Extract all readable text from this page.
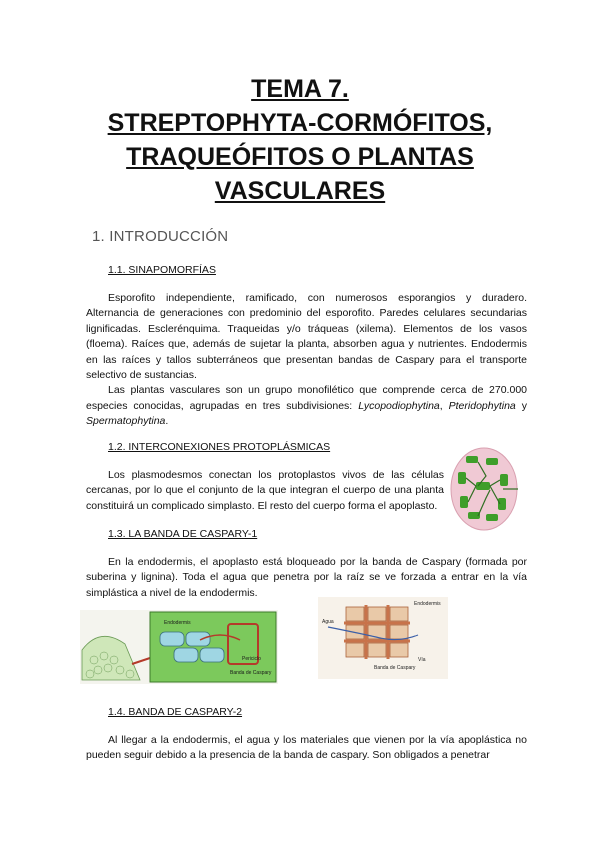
TEMA 7.
STREPTOPHYTA-CORMÓFITOS,
TRAQUEÓFITOS O PLANTAS
VASCULARES
1. INTRODUCCIÓN
1.1. SINAPOMORFÍAS

Esporofito independiente, ramificado, con numerosos esporangios y duradero. Alternancia de generaciones con predominio del esporofito. Paredes celulares secundarias lignificadas. Esclerénquima. Traqueidas y/o tráqueas (xilema). Elementos de los vasos (floema). Raíces que, además de sujetar la planta, absorben agua y nutrientes. Endodermis en las raíces y tallos subterráneos que presentan bandas de Caspary para el transporte selectivo de sustancias.

Las plantas vasculares son un grupo monofilético que comprende cerca de 270.000 especies conocidas, agrupadas en tres subdivisiones: Lycopodiophytina, Pteridophytina y Spermatophytina.

1.2. INTERCONEXIONES PROTOPLÁSMICAS

Los plasmodesmos conectan los protoplastos vivos de las células cercanas, por lo que el conjunto de la que integran el cuerpo de una planta constituirá un complicado simplasto. El resto del cuerpo forma el apoplasto.

1.3. LA BANDA DE CASPARY-1

En la endodermis, el apoplasto está bloqueado por la banda de Caspary (formada por suberina y lignina). Toda el agua que penetra por la raíz se ve forzada a entrar en la vía simplástica a nivel de la endodermis.

Endodermis
Banda de Caspary
Periciclo
Endodermis
Agua
Banda de Caspary
Vía
1.4. BANDA DE CASPARY-2

Al llegar a la endodermis, el agua y los materiales que vienen por la vía apoplástica no pueden seguir debido a la presencia de la banda de caspary. Son obligados a penetrar
